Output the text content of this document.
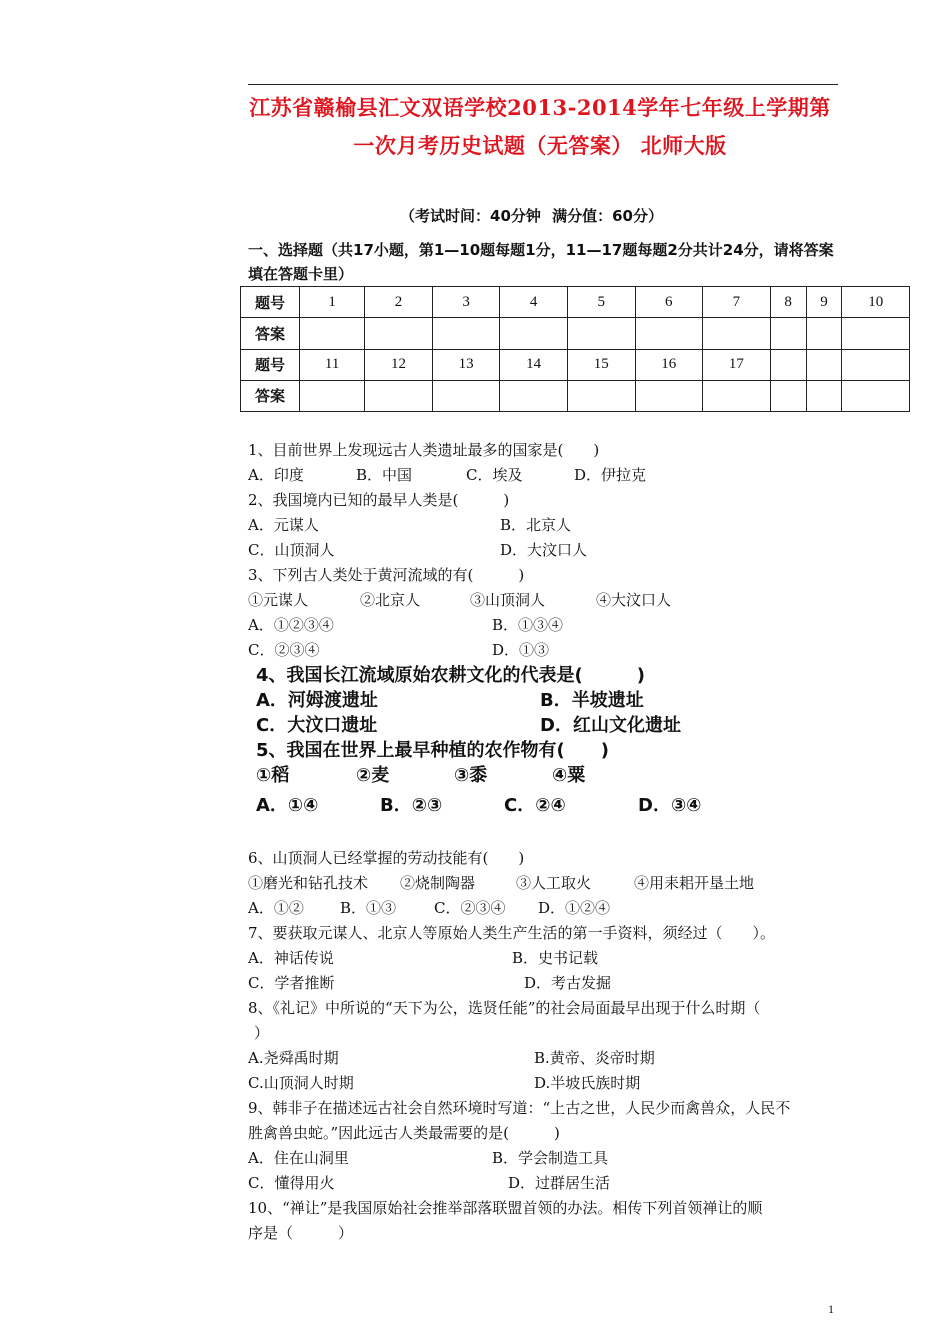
江苏省赣榆县汇文双语学校2013-2014学年七年级上学期第
一次月考历史试题（无答案） 北师大版
（考试时间：40分钟 满分值：60分）
一、选择题（共17小题，第1—10题每题1分，11—17题每题2分共计24分，请将答案填在答题卡里）
题号	1	2	3	4	5	6	7	8	9	10
答案										
题号	11	12	13	14	15	16	17			
答案										
1、目前世界上发现远古人类遗址最多的国家是(　　)
A．印度	B．中国	C．埃及	D．伊拉克
2、我国境内已知的最早人类是(　　　)
A．元谋人	B．北京人
C．山顶洞人	D．大汶口人
3、下列古人类处于黄河流域的有(　　　)
①元谋人	②北京人	③山顶洞人	④大汶口人
A．①②③④	B．①③④
C．②③④	D．①③
4、我国长江流域原始农耕文化的代表是(　　　)
A．河姆渡遗址	B．半坡遗址
C．大汶口遗址	D．红山文化遗址
5、我国在世界上最早种植的农作物有(　　)
①稻	②麦	③黍	④粟
A．①④	B．②③	C．②④	D．③④
6、山顶洞人已经掌握的劳动技能有(　　)
①磨光和钻孔技术 ②烧制陶器	③人工取火	④用耒耜开垦土地
A．①② B．①③	C．②③④ D．①②④
7、要获取元谋人、北京人等原始人类生产生活的第一手资料，须经过（　　）。
A．神话传说	B．史书记载
C．学者推断	D．考古发掘
8、《礼记》中所说的“天下为公，选贤任能”的社会局面最早出现于什么时期（
）
A.尧舜禹时期	B.黄帝、炎帝时期
C.山顶洞人时期	D.半坡氏族时期
9、韩非子在描述远古社会自然环境时写道：“上古之世，人民少而禽兽众，人民不
胜禽兽虫蛇。”因此远古人类最需要的是(　　　)
A．住在山洞里	B．学会制造工具
C．懂得用火	D．过群居生活
10、“禅让”是我国原始社会推举部落联盟首领的办法。相传下列首领禅让的顺
序是（　　　）
1
